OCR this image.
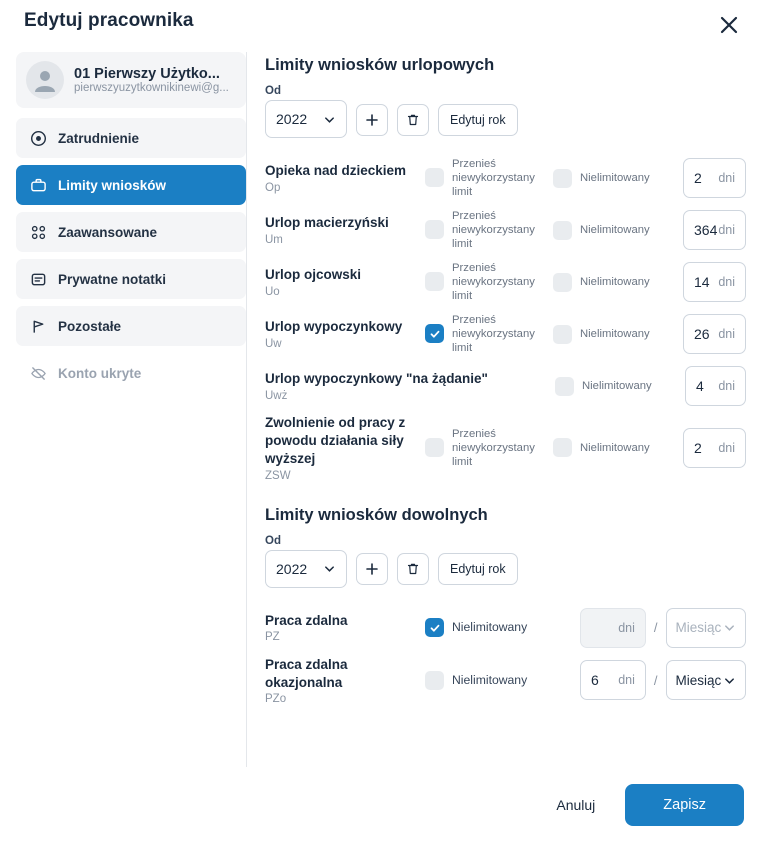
Edytuj pracownika
01 Pierwszy Użytko...
pierwszyuzytkownikinewi@g...
Zatrudnienie
Limity wniosków
Zaawansowane
Prywatne notatki
Pozostałe
Konto ukryte
Limity wniosków urlopowych
Od
2022	Edytuj rok
Opieka nad dzieckiem
Op
Przenieś niewykorzystany limit
Nielimitowany	2 dni
Urlop macierzyński
Um
Przenieś niewykorzystany limit
Nielimitowany	364 dni
Urlop ojcowski
Uo
Przenieś niewykorzystany limit
Nielimitowany	14 dni
Urlop wypoczynkowy
Uw
Przenieś niewykorzystany limit
Nielimitowany	26 dni
Urlop wypoczynkowy "na żądanie"
Uwż
Nielimitowany	4 dni
Zwolnienie od pracy z powodu działania siły wyższej
ZSW
Przenieś niewykorzystany limit
Nielimitowany	2 dni
Limity wniosków dowolnych
Od
2022	Edytuj rok
Praca zdalna
PZ
Nielimitowany	dni	/	Miesiąc
Praca zdalna okazjonalna
PZo
Nielimitowany	6 dni	/	Miesiąc
Anuluj	Zapisz
